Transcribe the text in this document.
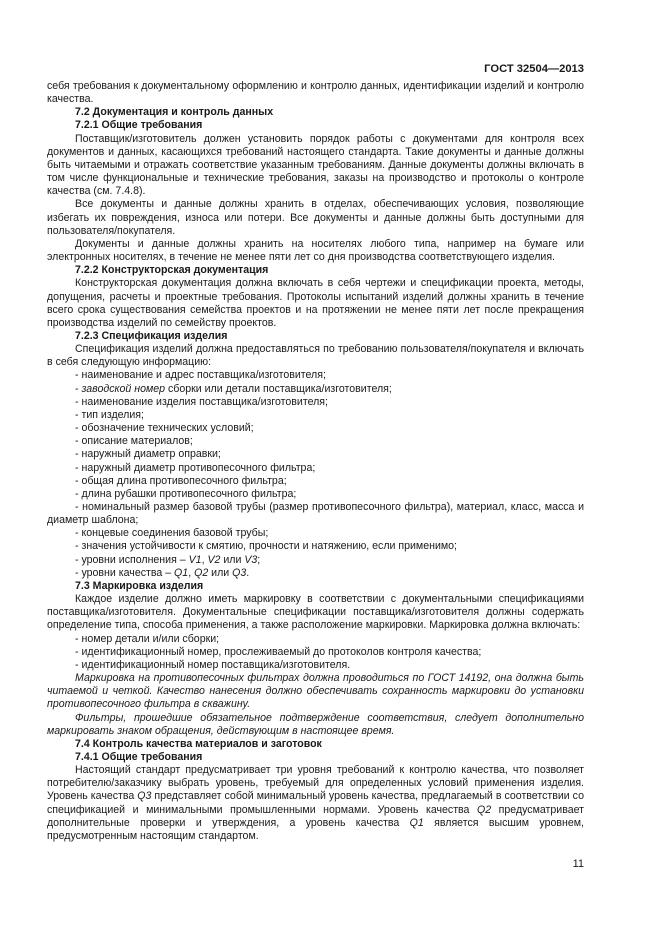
ГОСТ 32504—2013

себя требования к документальному оформлению и контролю данных, идентификации изделий и контролю качества.

7.2 Документация и контроль данных

7.2.1 Общие требования

Поставщик/изготовитель должен установить порядок работы с документами для контроля всех документов и данных, касающихся требований настоящего стандарта. Такие документы и данные должны быть читаемыми и отражать соответствие указанным требованиям. Данные документы должны включать в том числе функциональные и технические требования, заказы на производство и протоколы о контроле качества (см. 7.4.8).

Все документы и данные должны хранить в отделах, обеспечивающих условия, позволяющие избегать их повреждения, износа или потери. Все документы и данные должны быть доступными для пользователя/покупателя.

Документы и данные должны хранить на носителях любого типа, например на бумаге или электронных носителях, в течение не менее пяти лет со дня производства соответствующего изделия.

7.2.2 Конструкторская документация

Конструкторская документация должна включать в себя чертежи и спецификации проекта, методы, допущения, расчеты и проектные требования. Протоколы испытаний изделий должны хранить в течение всего срока существования семейства проектов и на протяжении не менее пяти лет после прекращения производства изделий по семейству проектов.

7.2.3 Спецификация изделия

Спецификация изделий должна предоставляться по требованию пользователя/покупателя и включать в себя следующую информацию:

- наименование и адрес поставщика/изготовителя;

- заводской номер сборки или детали поставщика/изготовителя;

- наименование изделия поставщика/изготовителя;

- тип изделия;

- обозначение технических условий;

- описание материалов;

- наружный диаметр оправки;

- наружный диаметр противопесочного фильтра;

- общая длина противопесочного фильтра;

- длина рубашки противопесочного фильтра;

- номинальный размер базовой трубы (размер противопесочного фильтра), материал, класс, масса и диаметр шаблона;

- концевые соединения базовой трубы;

- значения устойчивости к смятию, прочности и натяжению, если применимо;

- уровни исполнения – V1, V2 или V3;

- уровни качества – Q1, Q2 или Q3.

7.3 Маркировка изделия

Каждое изделие должно иметь маркировку в соответствии с документальными спецификациями поставщика/изготовителя. Документальные спецификации поставщика/изготовителя должны содержать определение типа, способа применения, а также расположение маркировки. Маркировка должна включать:

- номер детали и/или сборки;

- идентификационный номер, прослеживаемый до протоколов контроля качества;

- идентификационный номер поставщика/изготовителя.

Маркировка на противопесочных фильтрах должна проводиться по ГОСТ 14192, она должна быть читаемой и четкой. Качество нанесения должно обеспечивать сохранность маркировки до установки противопесочного фильтра в скважину.

Фильтры, прошедшие обязательное подтверждение соответствия, следует дополнительно маркировать знаком обращения, действующим в настоящее время.

7.4 Контроль качества материалов и заготовок

7.4.1 Общие требования

Настоящий стандарт предусматривает три уровня требований к контролю качества, что позволяет потребителю/заказчику выбрать уровень, требуемый для определенных условий применения изделия. Уровень качества Q3 представляет собой минимальный уровень качества, предлагаемый в соответствии со спецификацией и минимальными промышленными нормами. Уровень качества Q2 предусматривает дополнительные проверки и утверждения, а уровень качества Q1 является высшим уровнем, предусмотренным настоящим стандартом.

11
